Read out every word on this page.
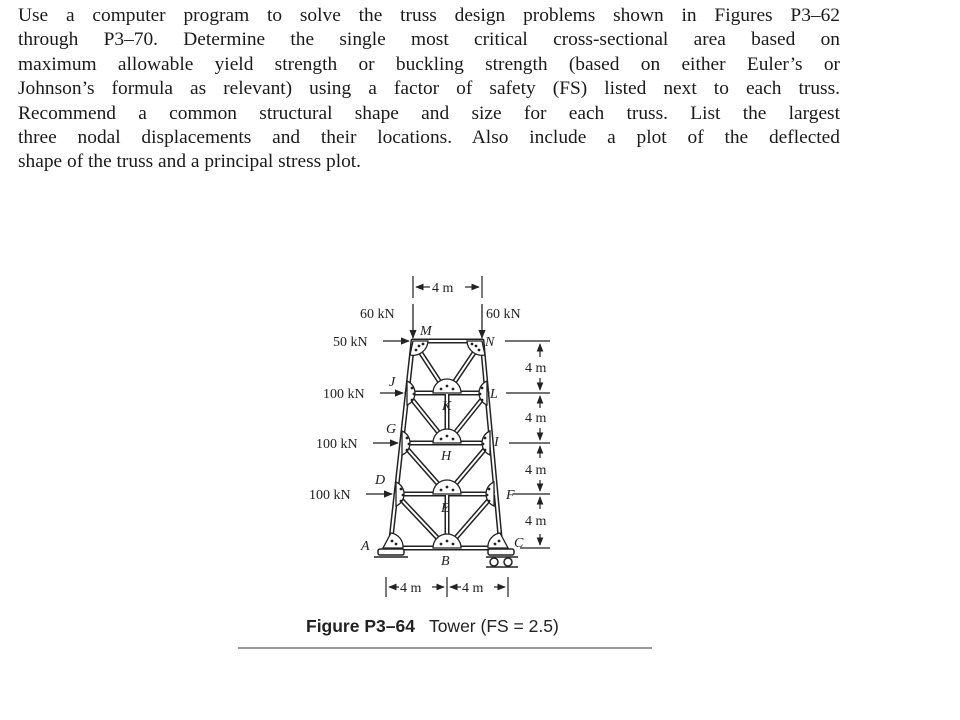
Use a computer program to solve the truss design problems shown in Figures P3–62
through P3–70. Determine the single most critical cross-sectional area based on
maximum allowable yield strength or buckling strength (based on either Euler’s or
Johnson’s formula as relevant) using a factor of safety (FS) listed next to each truss.
Recommend a common structural shape and size for each truss. List the largest
three nodal displacements and their locations. Also include a plot of the deflected
shape of the truss and a principal stress plot.
60 kN	60 kN
50 kN
100 kN
100 kN
100 kN
4 m
4 m
4 m
4 m
4 m
4 m	4 m
M
N
J
K
L
G
H
I
D
E
F
A
B
C
Figure P3–64 Tower (FS = 2.5)
